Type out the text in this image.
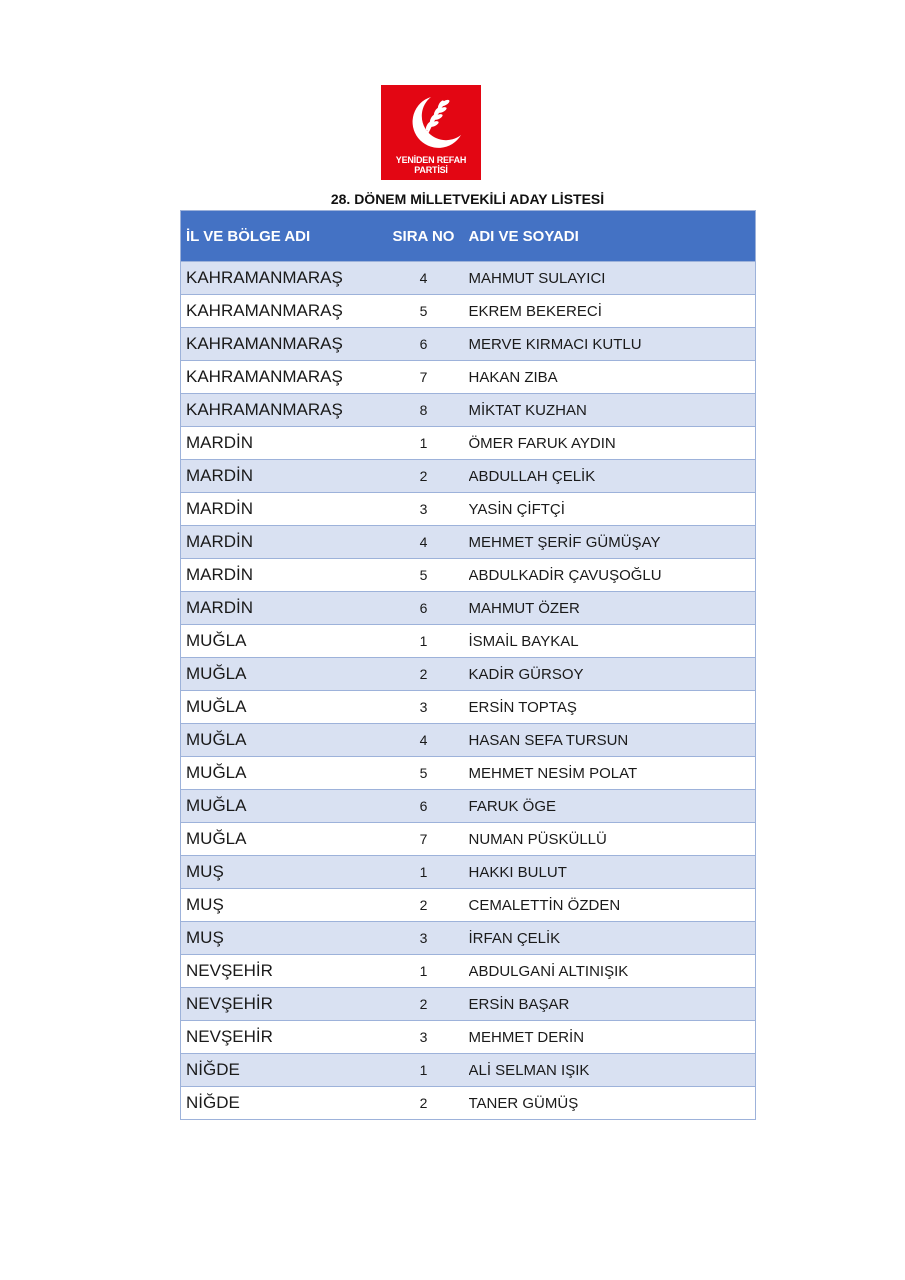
YENİDEN REFAH
PARTİSİ
28. DÖNEM MİLLETVEKİLİ ADAY LİSTESİ
İL VE BÖLGE ADI	SIRA NO	ADI VE SOYADI
KAHRAMANMARAŞ	4	MAHMUT SULAYICI
KAHRAMANMARAŞ	5	EKREM BEKERECİ
KAHRAMANMARAŞ	6	MERVE KIRMACI KUTLU
KAHRAMANMARAŞ	7	HAKAN ZIBA
KAHRAMANMARAŞ	8	MİKTAT KUZHAN
MARDİN	1	ÖMER FARUK AYDIN
MARDİN	2	ABDULLAH ÇELİK
MARDİN	3	YASİN ÇİFTÇİ
MARDİN	4	MEHMET ŞERİF GÜMÜŞAY
MARDİN	5	ABDULKADİR ÇAVUŞOĞLU
MARDİN	6	MAHMUT ÖZER
MUĞLA	1	İSMAİL BAYKAL
MUĞLA	2	KADİR GÜRSOY
MUĞLA	3	ERSİN TOPTAŞ
MUĞLA	4	HASAN SEFA TURSUN
MUĞLA	5	MEHMET NESİM POLAT
MUĞLA	6	FARUK ÖGE
MUĞLA	7	NUMAN PÜSKÜLLÜ
MUŞ	1	HAKKI BULUT
MUŞ	2	CEMALETTİN ÖZDEN
MUŞ	3	İRFAN ÇELİK
NEVŞEHİR	1	ABDULGANİ ALTINIŞIK
NEVŞEHİR	2	ERSİN BAŞAR
NEVŞEHİR	3	MEHMET DERİN
NİĞDE	1	ALİ SELMAN IŞIK
NİĞDE	2	TANER GÜMÜŞ
